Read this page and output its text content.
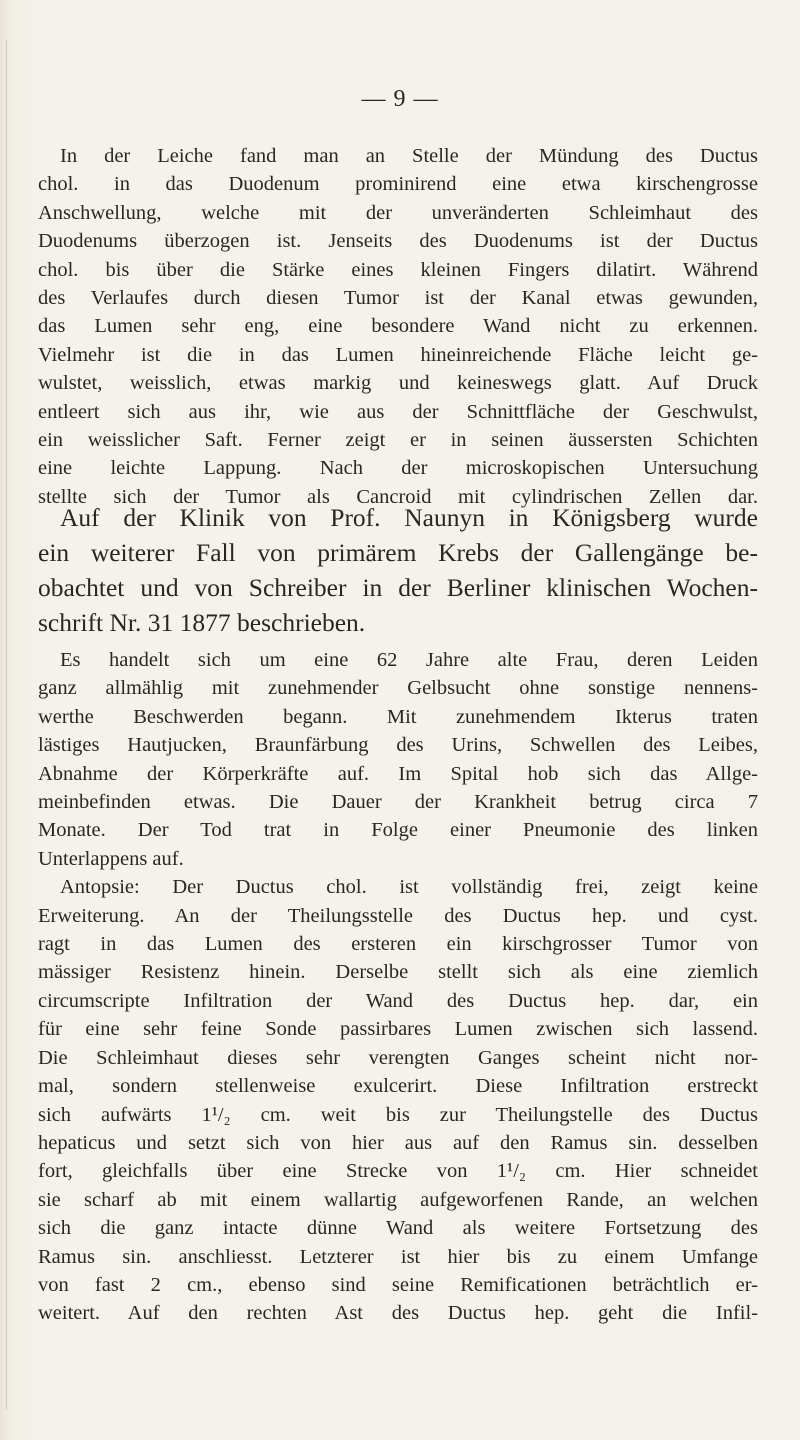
— 9 —
In der Leiche fand man an Stelle der Mündung des Ductus
chol. in das Duodenum prominirend eine etwa kirschengrosse
Anschwellung, welche mit der unveränderten Schleimhaut des
Duodenums überzogen ist. Jenseits des Duodenums ist der Ductus
chol. bis über die Stärke eines kleinen Fingers dilatirt. Während
des Verlaufes durch diesen Tumor ist der Kanal etwas gewunden,
das Lumen sehr eng, eine besondere Wand nicht zu erkennen.
Vielmehr ist die in das Lumen hineinreichende Fläche leicht ge-
wulstet, weisslich, etwas markig und keineswegs glatt. Auf Druck
entleert sich aus ihr, wie aus der Schnittfläche der Geschwulst,
ein weisslicher Saft. Ferner zeigt er in seinen äussersten Schichten
eine leichte Lappung. Nach der microskopischen Untersuchung
stellte sich der Tumor als Cancroid mit cylindrischen Zellen dar.
Auf der Klinik von Prof. Naunyn in Königsberg wurde
ein weiterer Fall von primärem Krebs der Gallengänge be-
obachtet und von Schreiber in der Berliner klinischen Wochen-
schrift Nr. 31 1877 beschrieben.
Es handelt sich um eine 62 Jahre alte Frau, deren Leiden
ganz allmählig mit zunehmender Gelbsucht ohne sonstige nennens-
werthe Beschwerden begann. Mit zunehmendem Ikterus traten
lästiges Hautjucken, Braunfärbung des Urins, Schwellen des Leibes,
Abnahme der Körperkräfte auf. Im Spital hob sich das Allge-
meinbefinden etwas. Die Dauer der Krankheit betrug circa 7
Monate. Der Tod trat in Folge einer Pneumonie des linken
Unterlappens auf.
Antopsie: Der Ductus chol. ist vollständig frei, zeigt keine
Erweiterung. An der Theilungsstelle des Ductus hep. und cyst.
ragt in das Lumen des ersteren ein kirschgrosser Tumor von
mässiger Resistenz hinein. Derselbe stellt sich als eine ziemlich
circumscripte Infiltration der Wand des Ductus hep. dar, ein
für eine sehr feine Sonde passirbares Lumen zwischen sich lassend.
Die Schleimhaut dieses sehr verengten Ganges scheint nicht nor-
mal, sondern stellenweise exulcerirt. Diese Infiltration erstreckt
sich aufwärts 1¹/₂ cm. weit bis zur Theilungstelle des Ductus
hepaticus und setzt sich von hier aus auf den Ramus sin. desselben
fort, gleichfalls über eine Strecke von 1¹/₂ cm. Hier schneidet
sie scharf ab mit einem wallartig aufgeworfenen Rande, an welchen
sich die ganz intacte dünne Wand als weitere Fortsetzung des
Ramus sin. anschliesst. Letzterer ist hier bis zu einem Umfange
von fast 2 cm., ebenso sind seine Remificationen beträchtlich er-
weitert. Auf den rechten Ast des Ductus hep. geht die Infil-
